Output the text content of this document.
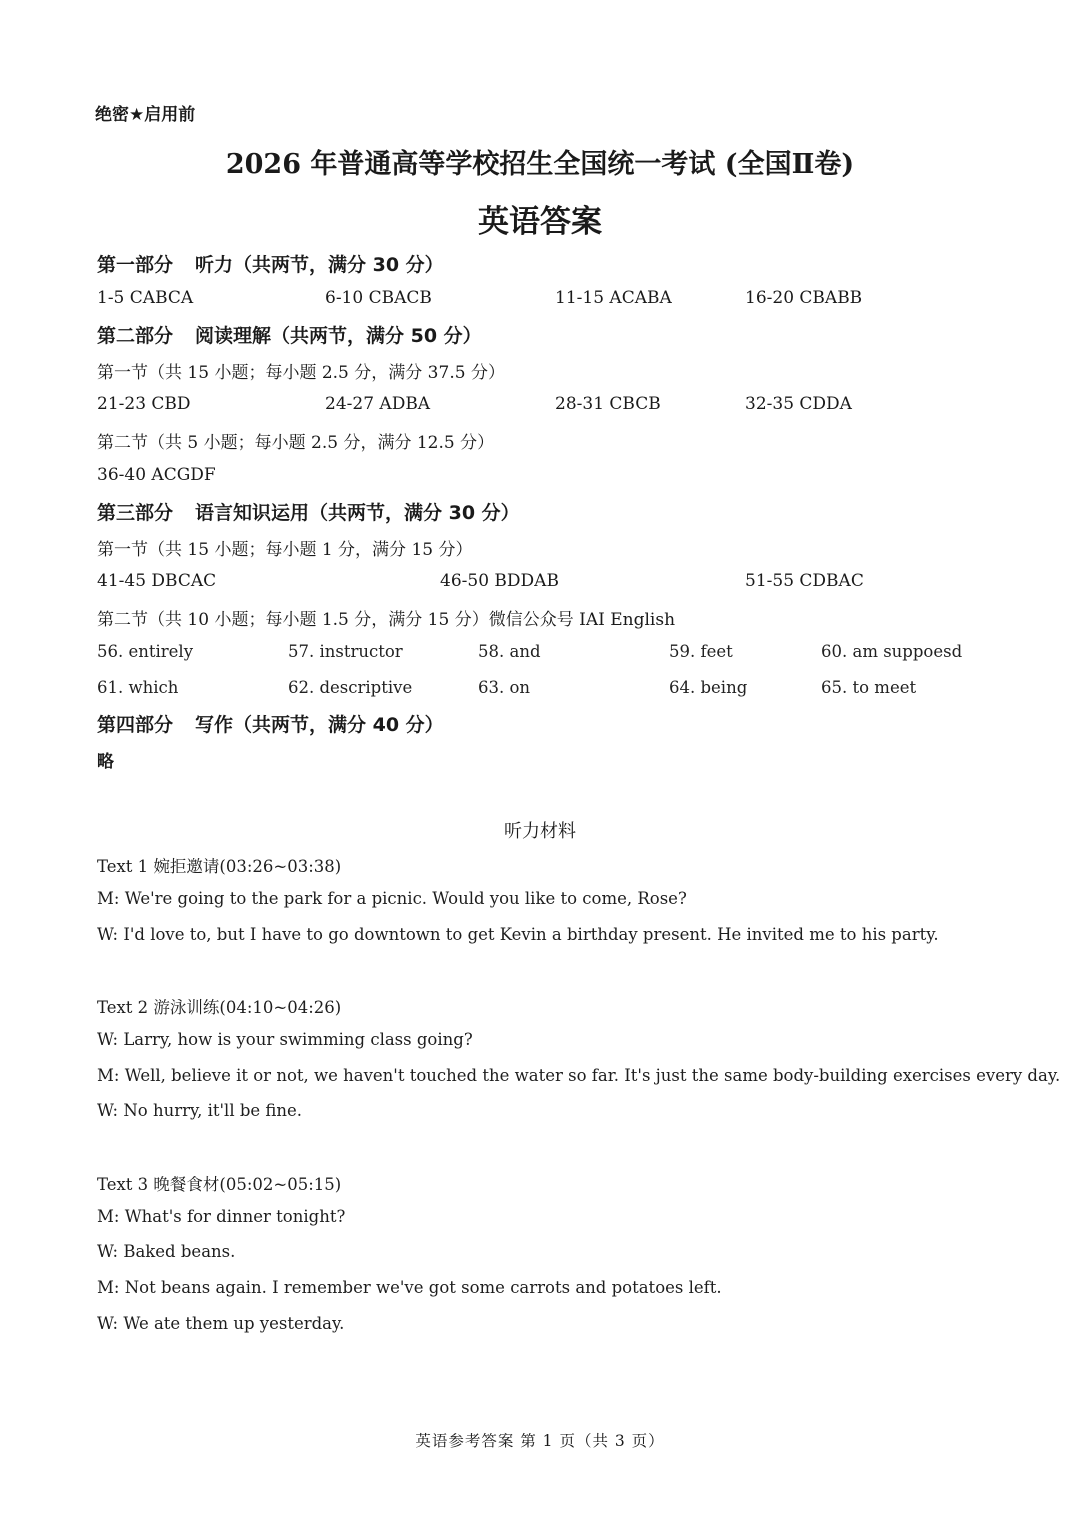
绝密★启用前
2026 年普通高等学校招生全国统一考试 (全国Ⅱ卷)
英语答案
第一部分 听力（共两节，满分 30 分）
1-5 CABCA	6-10 CBACB	11-15 ACABA	16-20 CBABB
第二部分 阅读理解（共两节，满分 50 分）
第一节（共 15 小题；每小题 2.5 分，满分 37.5 分）
21-23 CBD	24-27 ADBA	28-31 CBCB	32-35 CDDA
第二节（共 5 小题；每小题 2.5 分，满分 12.5 分）
36-40 ACGDF
第三部分 语言知识运用（共两节，满分 30 分）
第一节（共 15 小题；每小题 1 分，满分 15 分）
41-45 DBCAC	46-50 BDDAB	51-55 CDBAC
第二节（共 10 小题；每小题 1.5 分，满分 15 分）微信公众号 IAI English
56. entirely	57. instructor	58. and	59. feet	60. am suppoesd
61. which	62. descriptive	63. on	64. being	65. to meet
第四部分 写作（共两节，满分 40 分）
略
听力材料
Text 1 婉拒邀请(03:26~03:38)
M: We're going to the park for a picnic. Would you like to come, Rose?
W: I'd love to, but I have to go downtown to get Kevin a birthday present. He invited me to his party.
Text 2 游泳训练(04:10~04:26)
W: Larry, how is your swimming class going?
M: Well, believe it or not, we haven't touched the water so far. It's just the same body-building exercises every day.
W: No hurry, it'll be fine.
Text 3 晚餐食材(05:02~05:15)
M: What's for dinner tonight?
W: Baked beans.
M: Not beans again. I remember we've got some carrots and potatoes left.
W: We ate them up yesterday.
英语参考答案 第 1 页（共 3 页）
